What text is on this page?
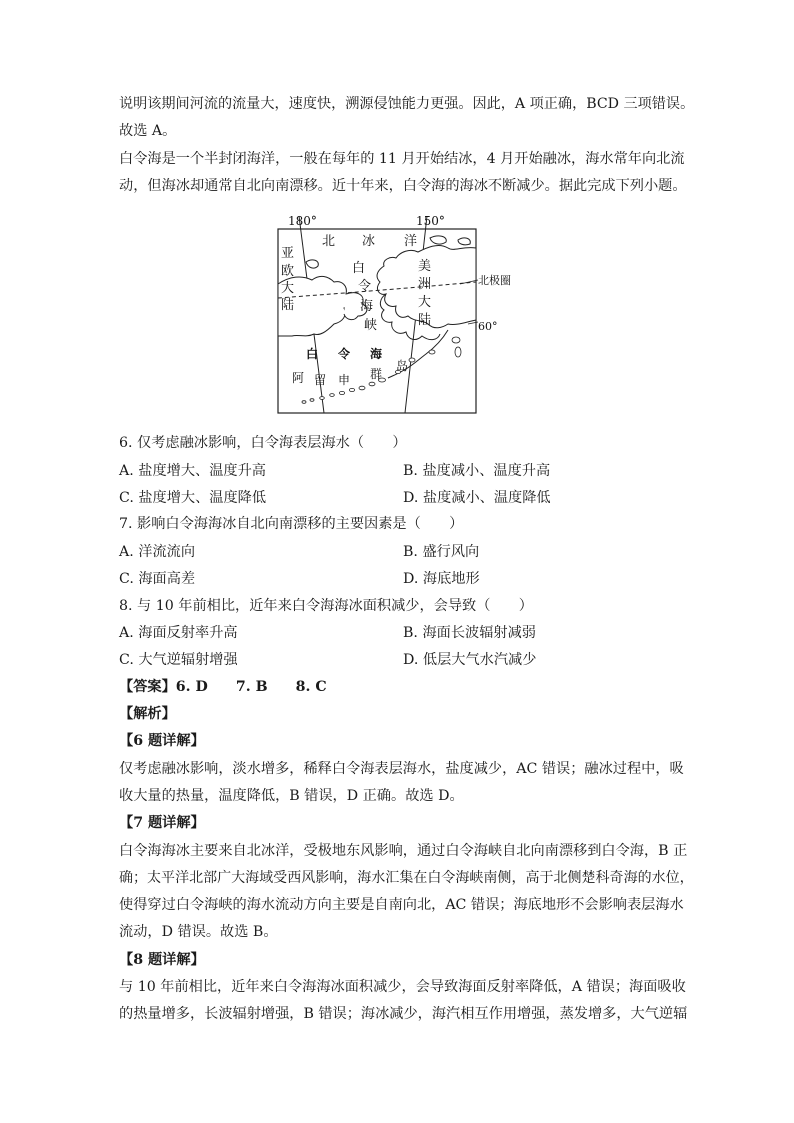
说明该期间河流的流量大，速度快，溯源侵蚀能力更强。因此，A 项正确，BCD 三项错误。
故选 A。
白令海是一个半封闭海洋，一般在每年的 11 月开始结冰，4 月开始融冰，海水常年向北流
动，但海冰却通常自北向南漂移。近十年来，白令海的海冰不断减少。据此完成下列小题。
180°	150°
北 冰 洋
白
令
海
峡
美
洲
大
陆
亚
欧
大
陆
北极圈
60°
白 令 海
阿 留 申 群
岛
6. 仅考虑融冰影响，白令海表层海水（　　）
A. 盐度增大、温度升高	B. 盐度减小、温度升高
C. 盐度增大、温度降低	D. 盐度减小、温度降低
7. 影响白令海海冰自北向南漂移的主要因素是（　　）
A. 洋流流向	B. 盛行风向
C. 海面高差	D. 海底地形
8. 与 10 年前相比，近年来白令海海冰面积减少，会导致（　　）
A. 海面反射率升高	B. 海面长波辐射减弱
C. 大气逆辐射增强	D. 低层大气水汽减少
【答案】6. D 7. B 8. C
【解析】
【6 题详解】
仅考虑融冰影响，淡水增多，稀释白令海表层海水，盐度减少，AC 错误；融冰过程中，吸
收大量的热量，温度降低，B 错误，D 正确。故选 D。
【7 题详解】
白令海海冰主要来自北冰洋，受极地东风影响，通过白令海峡自北向南漂移到白令海，B 正
确；太平洋北部广大海域受西风影响，海水汇集在白令海峡南侧，高于北侧楚科奇海的水位，
使得穿过白令海峡的海水流动方向主要是自南向北，AC 错误；海底地形不会影响表层海水
流动，D 错误。故选 B。
【8 题详解】
与 10 年前相比，近年来白令海海冰面积减少，会导致海面反射率降低，A 错误；海面吸收
的热量增多，长波辐射增强，B 错误；海冰减少，海汽相互作用增强，蒸发增多，大气逆辐
